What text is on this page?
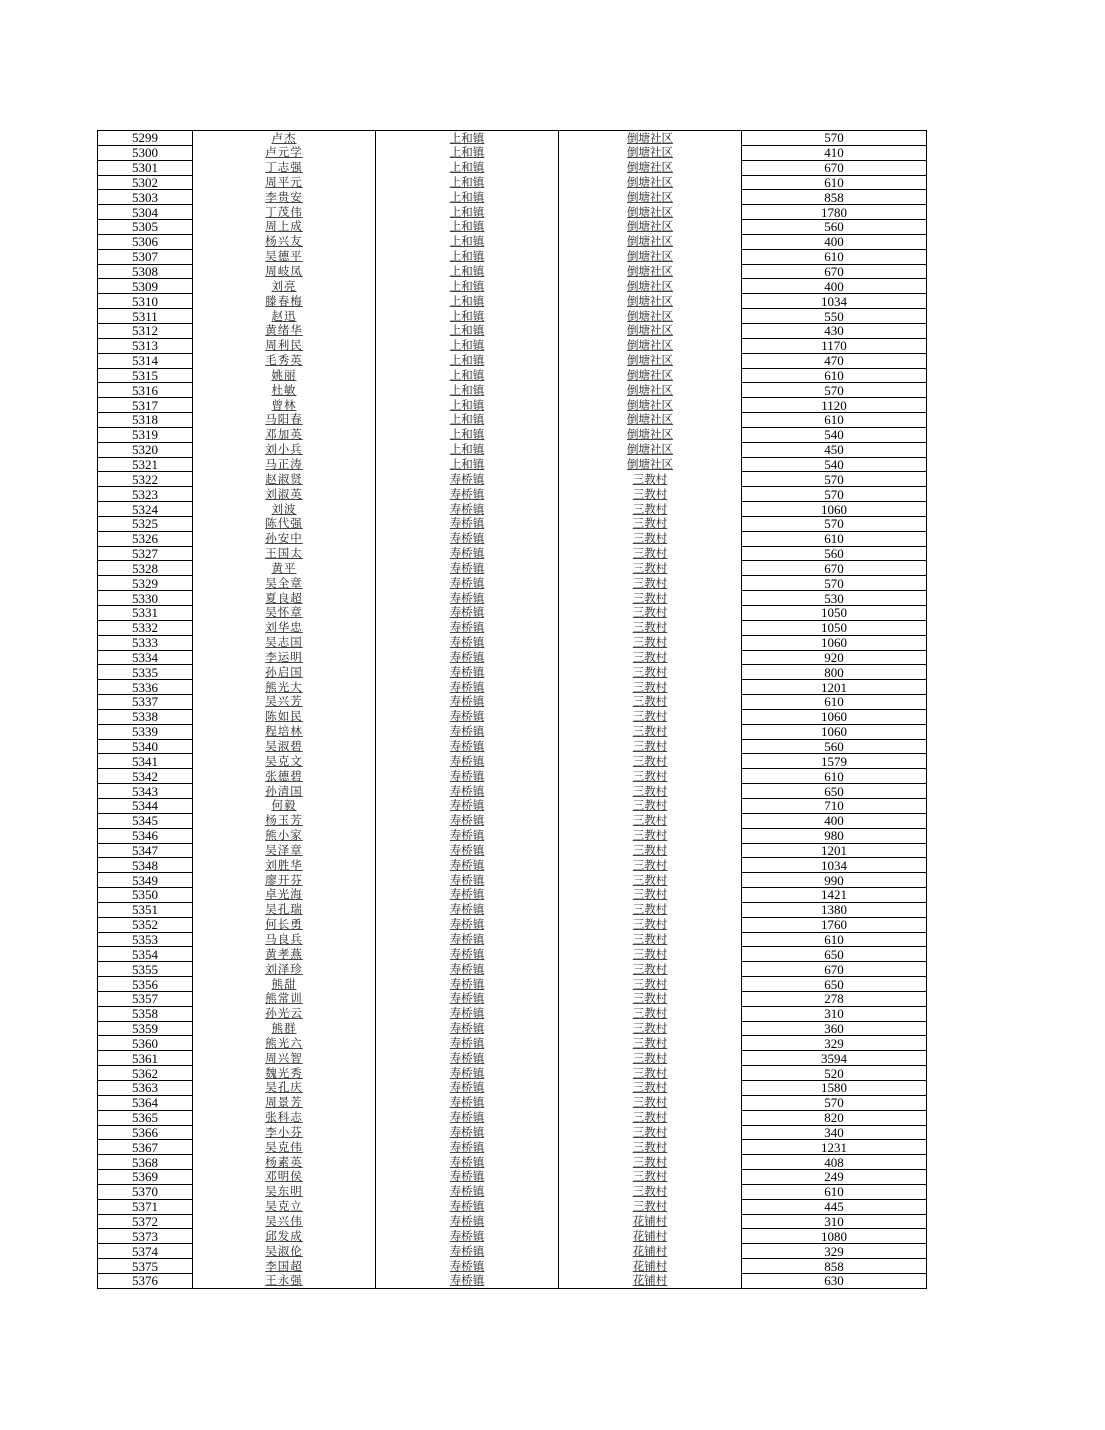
5299	卢杰	上和镇	倒塘社区	570
5300	卢元学	上和镇	倒塘社区	410
5301	丁志强	上和镇	倒塘社区	670
5302	周平元	上和镇	倒塘社区	610
5303	李贵安	上和镇	倒塘社区	858
5304	丁茂伟	上和镇	倒塘社区	1780
5305	周上成	上和镇	倒塘社区	560
5306	杨兴友	上和镇	倒塘社区	400
5307	吴德平	上和镇	倒塘社区	610
5308	周岐凤	上和镇	倒塘社区	670
5309	刘亮	上和镇	倒塘社区	400
5310	滕春梅	上和镇	倒塘社区	1034
5311	赵迅	上和镇	倒塘社区	550
5312	黄绪华	上和镇	倒塘社区	430
5313	周利民	上和镇	倒塘社区	1170
5314	毛秀英	上和镇	倒塘社区	470
5315	姚丽	上和镇	倒塘社区	610
5316	杜敏	上和镇	倒塘社区	570
5317	曾林	上和镇	倒塘社区	1120
5318	马阳春	上和镇	倒塘社区	610
5319	邓加英	上和镇	倒塘社区	540
5320	刘小兵	上和镇	倒塘社区	450
5321	马正涛	上和镇	倒塘社区	540
5322	赵淑贤	寿桥镇	三教村	570
5323	刘淑英	寿桥镇	三教村	570
5324	刘波	寿桥镇	三教村	1060
5325	陈代强	寿桥镇	三教村	570
5326	孙安中	寿桥镇	三教村	610
5327	王国太	寿桥镇	三教村	560
5328	黄平	寿桥镇	三教村	670
5329	吴全章	寿桥镇	三教村	570
5330	夏良超	寿桥镇	三教村	530
5331	吴怀章	寿桥镇	三教村	1050
5332	刘华忠	寿桥镇	三教村	1050
5333	吴志国	寿桥镇	三教村	1060
5334	李运明	寿桥镇	三教村	920
5335	孙启国	寿桥镇	三教村	800
5336	熊光大	寿桥镇	三教村	1201
5337	吴兴芳	寿桥镇	三教村	610
5338	陈如民	寿桥镇	三教村	1060
5339	程培林	寿桥镇	三教村	1060
5340	吴淑碧	寿桥镇	三教村	560
5341	吴克文	寿桥镇	三教村	1579
5342	张德碧	寿桥镇	三教村	610
5343	孙清国	寿桥镇	三教村	650
5344	何毅	寿桥镇	三教村	710
5345	杨玉芳	寿桥镇	三教村	400
5346	熊小家	寿桥镇	三教村	980
5347	吴泽章	寿桥镇	三教村	1201
5348	刘胜华	寿桥镇	三教村	1034
5349	廖开芬	寿桥镇	三教村	990
5350	卓光海	寿桥镇	三教村	1421
5351	吴孔瑞	寿桥镇	三教村	1380
5352	何长勇	寿桥镇	三教村	1760
5353	马良兵	寿桥镇	三教村	610
5354	黄孝燕	寿桥镇	三教村	650
5355	刘泽珍	寿桥镇	三教村	670
5356	熊甜	寿桥镇	三教村	650
5357	熊常训	寿桥镇	三教村	278
5358	孙光云	寿桥镇	三教村	310
5359	熊群	寿桥镇	三教村	360
5360	熊光六	寿桥镇	三教村	329
5361	周兴智	寿桥镇	三教村	3594
5362	魏光秀	寿桥镇	三教村	520
5363	吴孔庆	寿桥镇	三教村	1580
5364	周景芳	寿桥镇	三教村	570
5365	张科志	寿桥镇	三教村	820
5366	李小芬	寿桥镇	三教村	340
5367	吴克伟	寿桥镇	三教村	1231
5368	杨素英	寿桥镇	三教村	408
5369	邓明侯	寿桥镇	三教村	249
5370	吴东明	寿桥镇	三教村	610
5371	吴克立	寿桥镇	三教村	445
5372	吴兴伟	寿桥镇	花铺村	310
5373	邱发成	寿桥镇	花铺村	1080
5374	吴淑伦	寿桥镇	花铺村	329
5375	李国超	寿桥镇	花铺村	858
5376	王永强	寿桥镇	花铺村	630
